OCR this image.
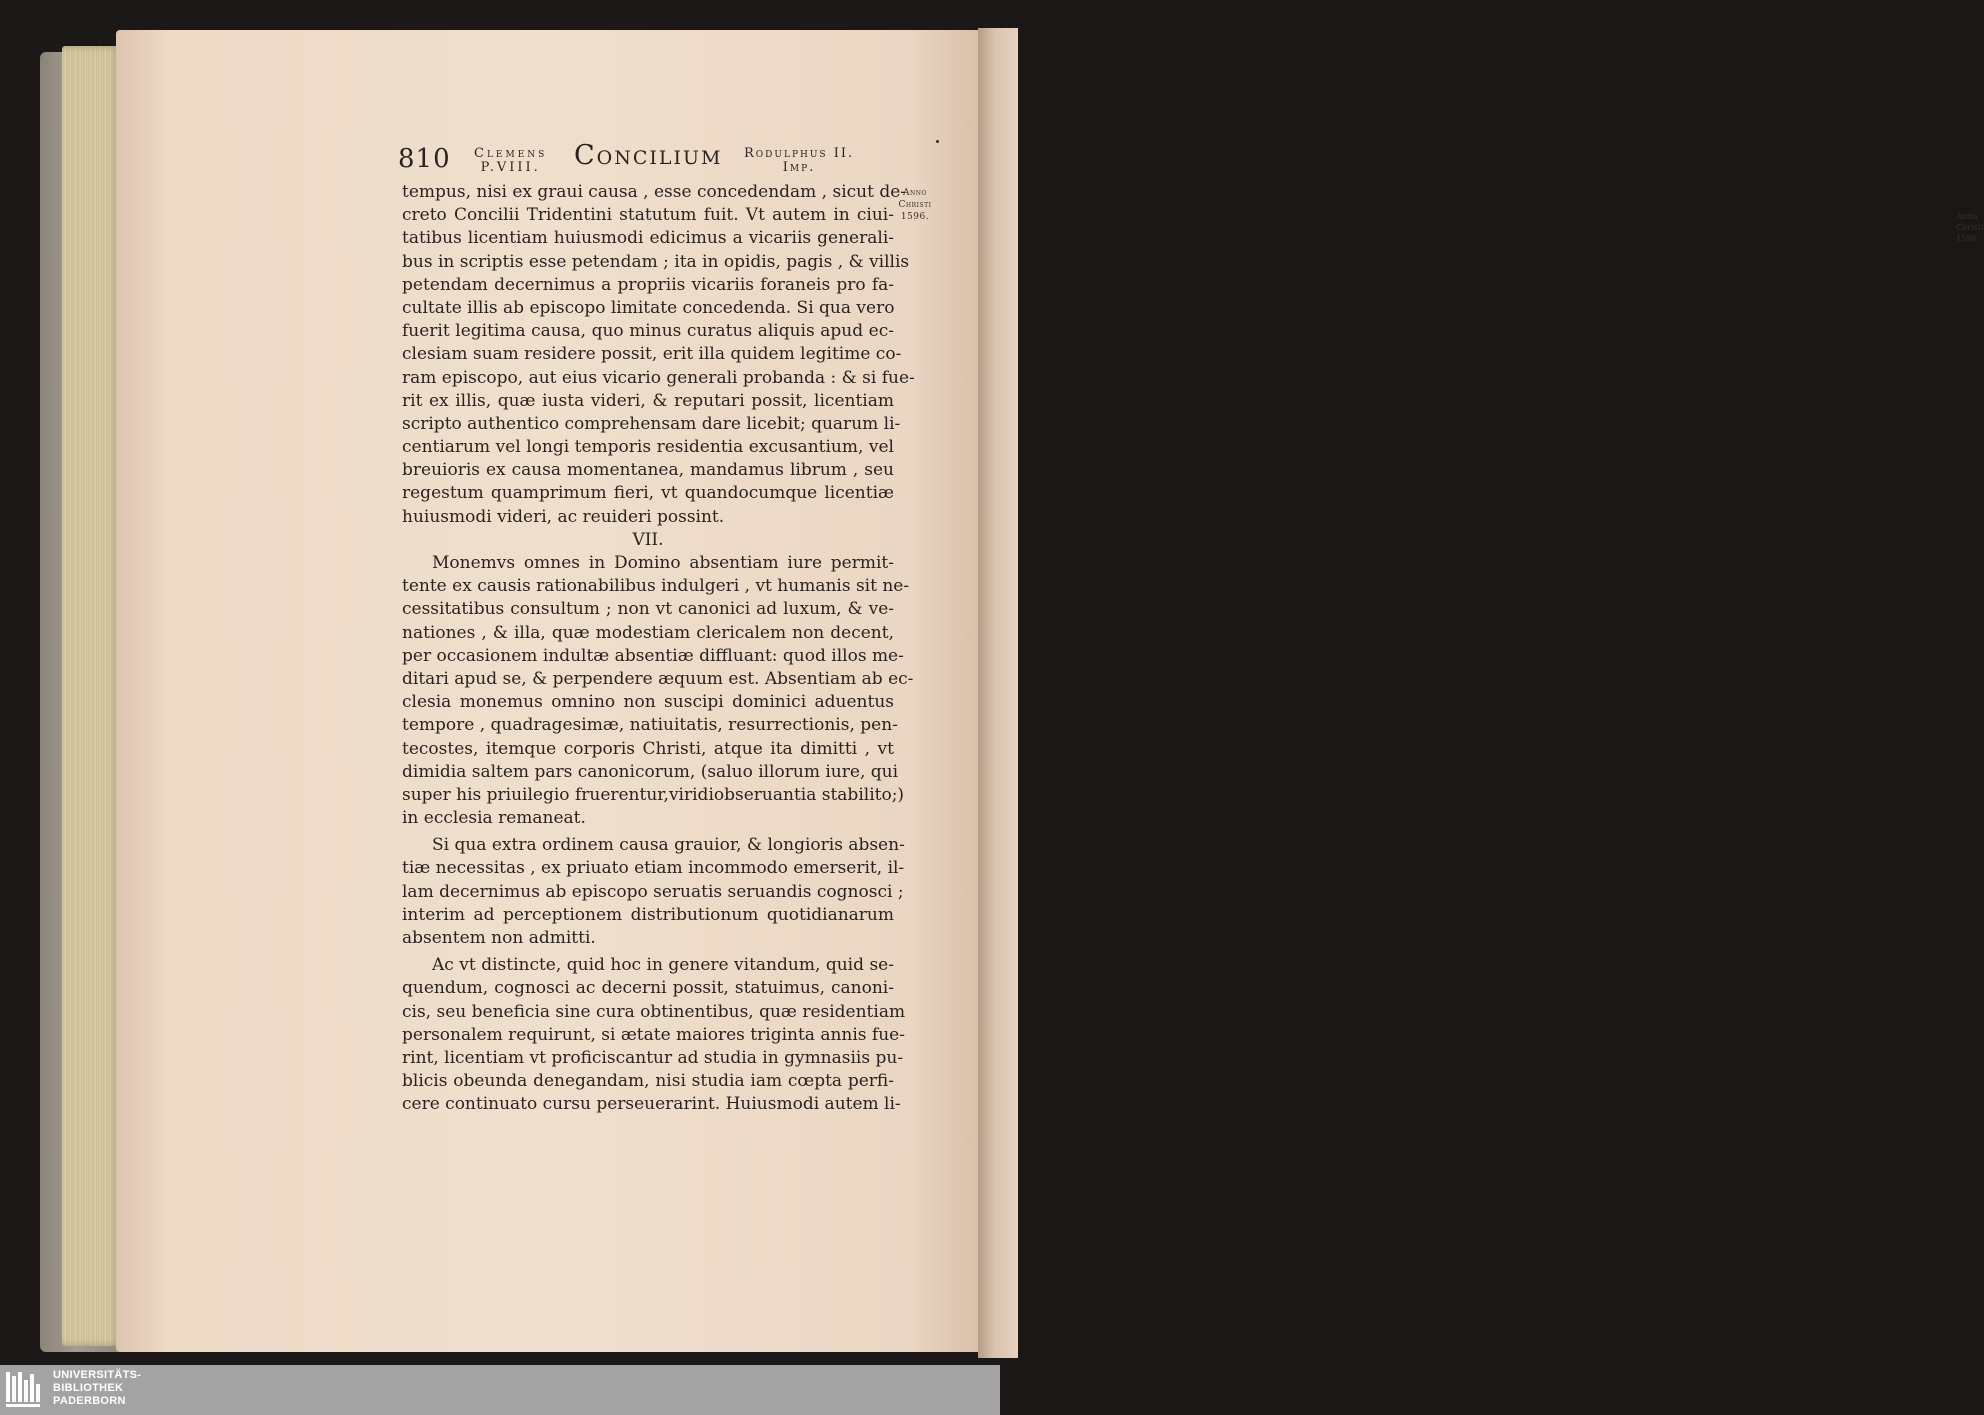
Anno
Christi
1596.
810 Clemens
P.VIII. Concilium Rodulphus II.
Imp.
Anno
Christi
1596.
tempus, nisi ex graui causa , esse concedendam , sicut de-
creto Concilii Tridentini statutum fuit. Vt autem in ciui-
tatibus licentiam huiusmodi edicimus a vicariis generali-
bus in scriptis esse petendam ; ita in opidis, pagis , & villis
petendam decernimus a propriis vicariis foraneis pro fa-
cultate illis ab episcopo limitate concedenda. Si qua vero
fuerit legitima causa, quo minus curatus aliquis apud ec-
clesiam suam residere possit, erit illa quidem legitime co-
ram episcopo, aut eius vicario generali probanda : & si fue-
rit ex illis, quæ iusta videri, & reputari possit, licentiam
scripto authentico comprehensam dare licebit; quarum li-
centiarum vel longi temporis residentia excusantium, vel
breuioris ex causa momentanea, mandamus librum , seu
regestum quamprimum fieri, vt quandocumque licentiæ
huiusmodi videri, ac reuideri possint.
VII.
Monemvs omnes in Domino absentiam iure permit-
tente ex causis rationabilibus indulgeri , vt humanis sit ne-
cessitatibus consultum ; non vt canonici ad luxum, & ve-
nationes , & illa, quæ modestiam clericalem non decent,
per occasionem indultæ absentiæ diffluant: quod illos me-
ditari apud se, & perpendere æquum est. Absentiam ab ec-
clesia monemus omnino non suscipi dominici aduentus
tempore , quadragesimæ, natiuitatis, resurrectionis, pen-
tecostes, itemque corporis Christi, atque ita dimitti , vt
dimidia saltem pars canonicorum, (saluo illorum iure, qui
super his priuilegio fruerentur,viridiobseruantia stabilito;)
in ecclesia remaneat.
Si qua extra ordinem causa grauior, & longioris absen-
tiæ necessitas , ex priuato etiam incommodo emerserit, il-
lam decernimus ab episcopo seruatis seruandis cognosci ;
interim ad perceptionem distributionum quotidianarum
absentem non admitti.
Ac vt distincte, quid hoc in genere vitandum, quid se-
quendum, cognosci ac decerni possit, statuimus, canoni-
cis, seu beneficia sine cura obtinentibus, quæ residentiam
personalem requirunt, si ætate maiores triginta annis fue-
rint, licentiam vt proficiscantur ad studia in gymnasiis pu-
blicis obeunda denegandam, nisi studia iam cœpta perfi-
cere continuato cursu perseuerarint. Huiusmodi autem li-
UNIVERSITÄTS-
BIBLIOTHEK
PADERBORN
